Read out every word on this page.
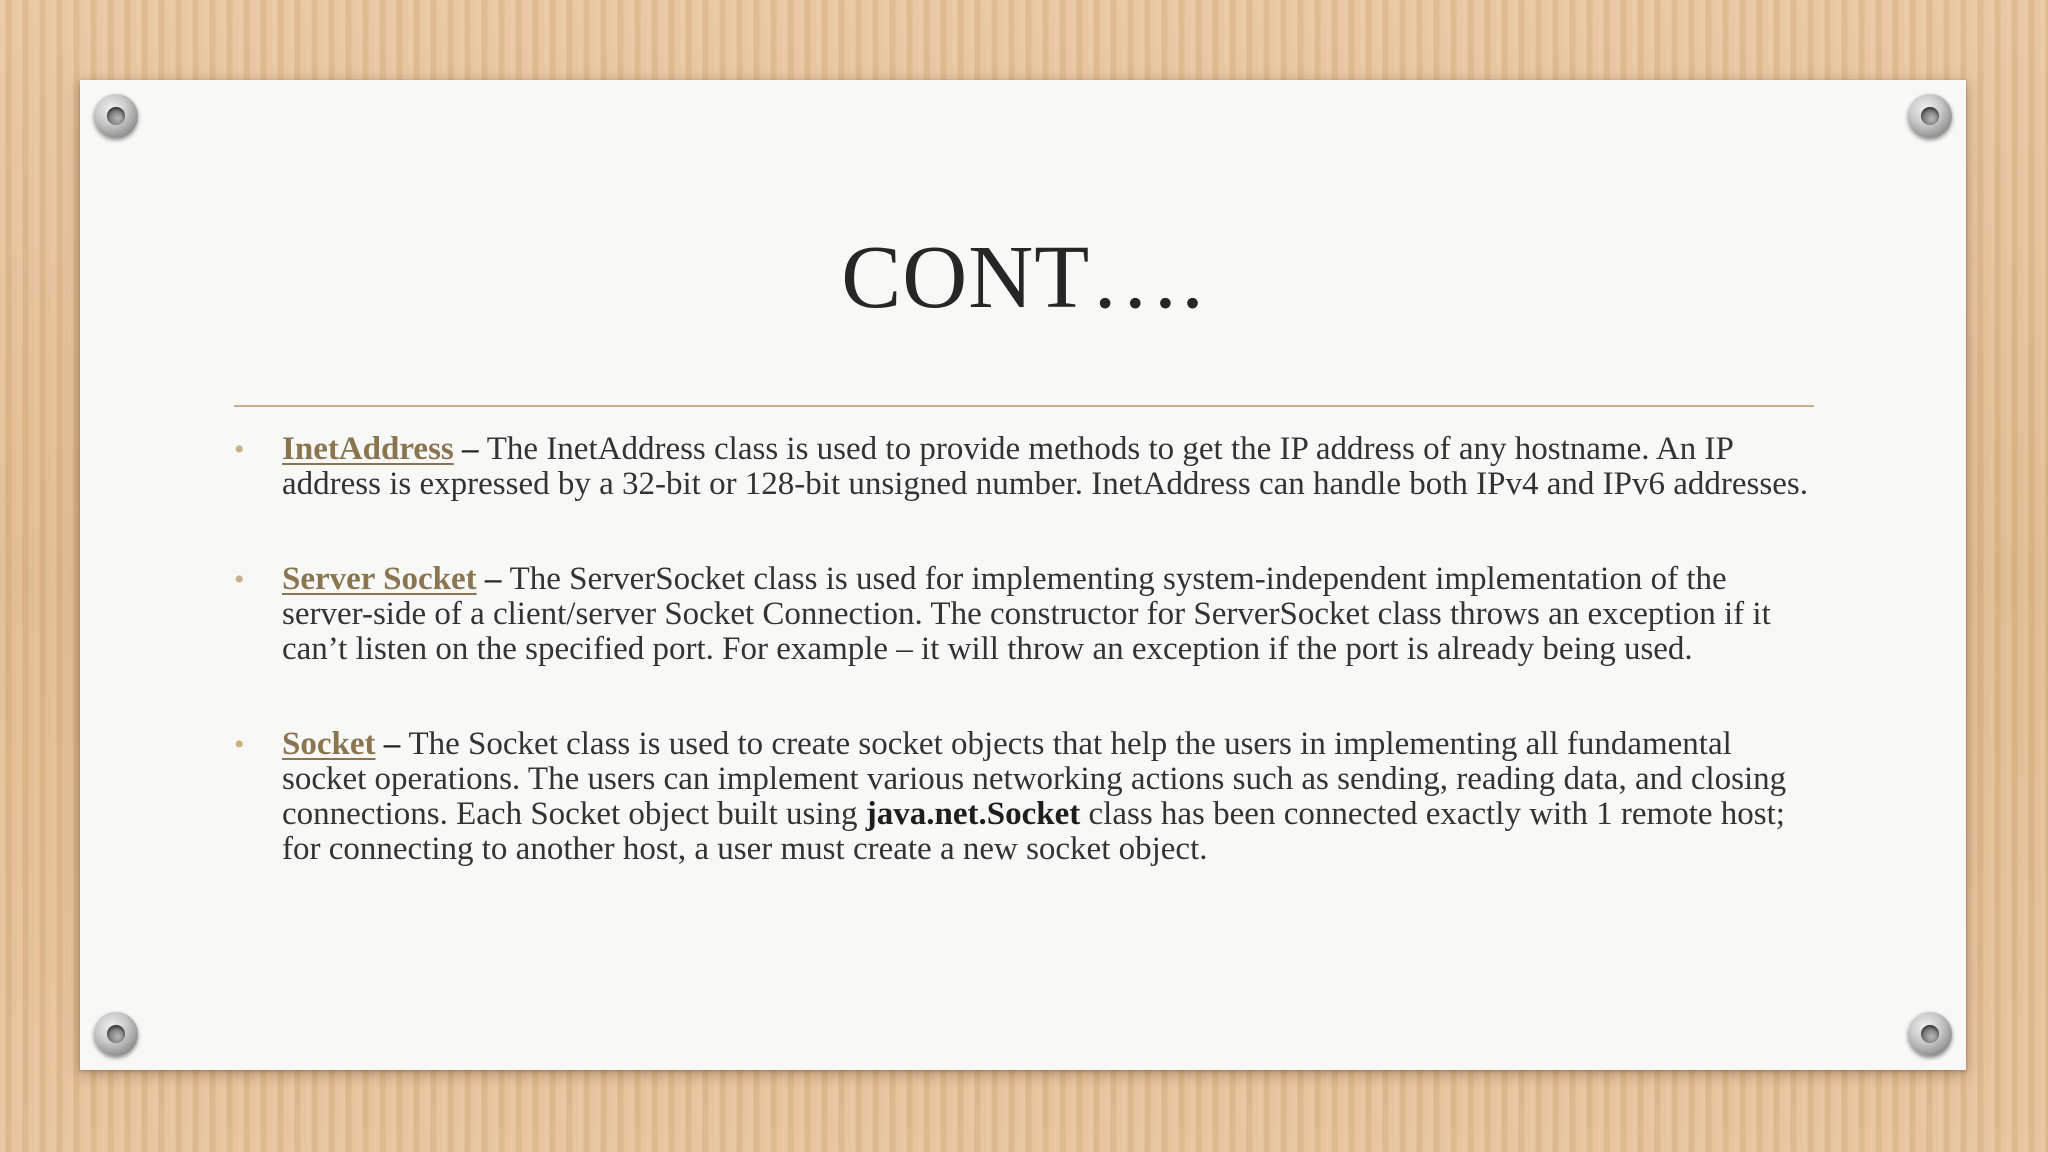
CONT….
• InetAddress – The InetAddress class is used to provide methods to get the IP address of any hostname. An IP address is expressed by a 32-bit or 128-bit unsigned number. InetAddress can handle both IPv4 and IPv6 addresses.
• Server Socket – The ServerSocket class is used for implementing system-independent implementation of the server-side of a client/server Socket Connection. The constructor for ServerSocket class throws an exception if it can’t listen on the specified port. For example – it will throw an exception if the port is already being used.
• Socket – The Socket class is used to create socket objects that help the users in implementing all fundamental socket operations. The users can implement various networking actions such as sending, reading data, and closing connections. Each Socket object built using java.net.Socket class has been connected exactly with 1 remote host; for connecting to another host, a user must create a new socket object.
